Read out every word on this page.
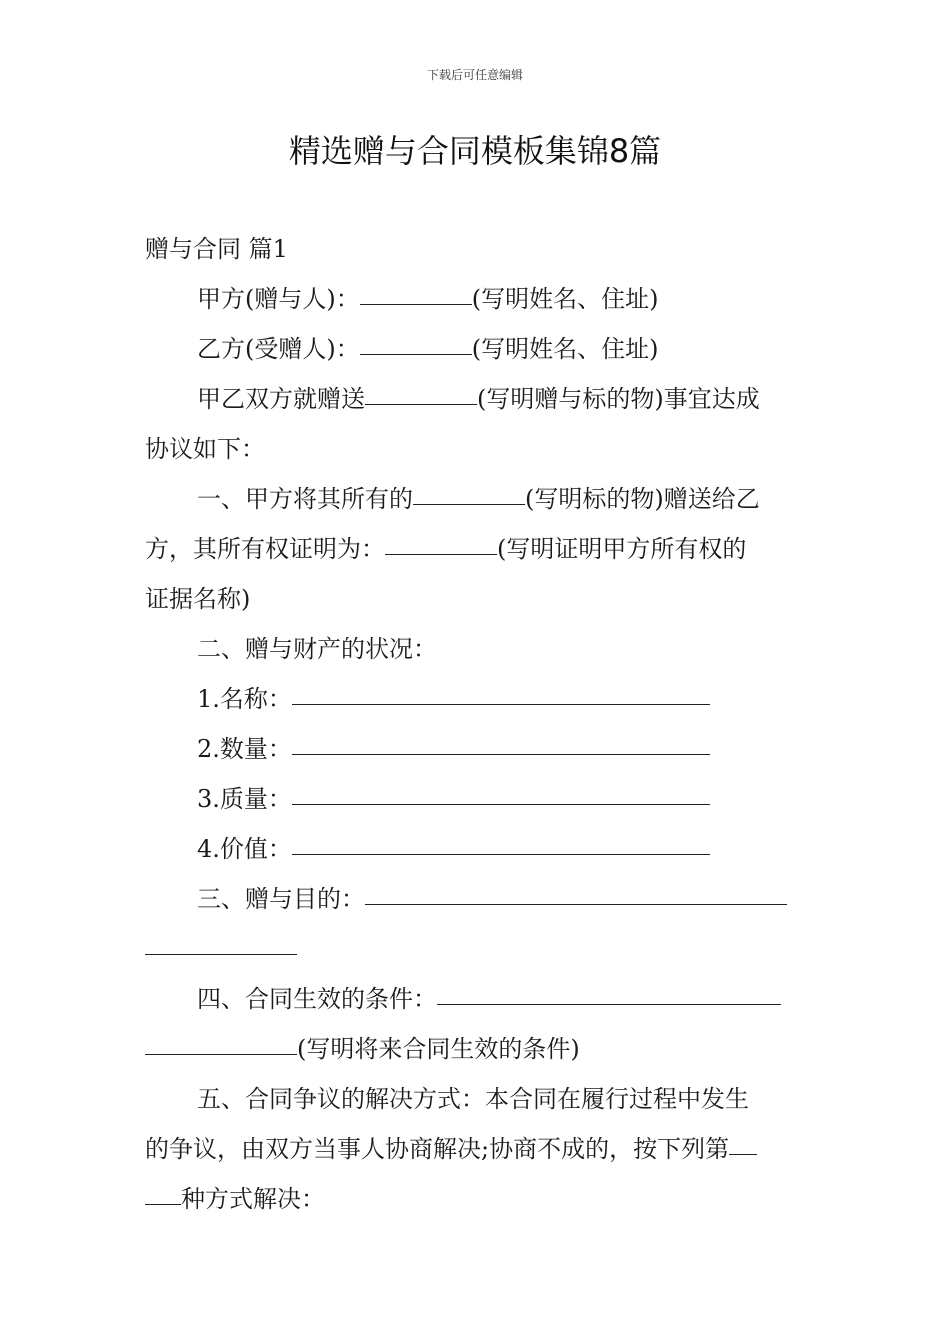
下载后可任意编辑
精选赠与合同模板集锦8篇
赠与合同 篇1
甲方(赠与人)：	(写明姓名、住址)
乙方(受赠人)：	(写明姓名、住址)
甲乙双方就赠送	(写明赠与标的物)事宜达成
协议如下：
一、甲方将其所有的	(写明标的物)赠送给乙
方，其所有权证明为：	(写明证明甲方所有权的
证据名称)
二、赠与财产的状况：
1.名称：
2.数量：
3.质量：
4.价值：
三、赠与目的：
四、合同生效的条件：
(写明将来合同生效的条件)
五、合同争议的解决方式：本合同在履行过程中发生
的争议，由双方当事人协商解决;协商不成的，按下列第
种方式解决：
